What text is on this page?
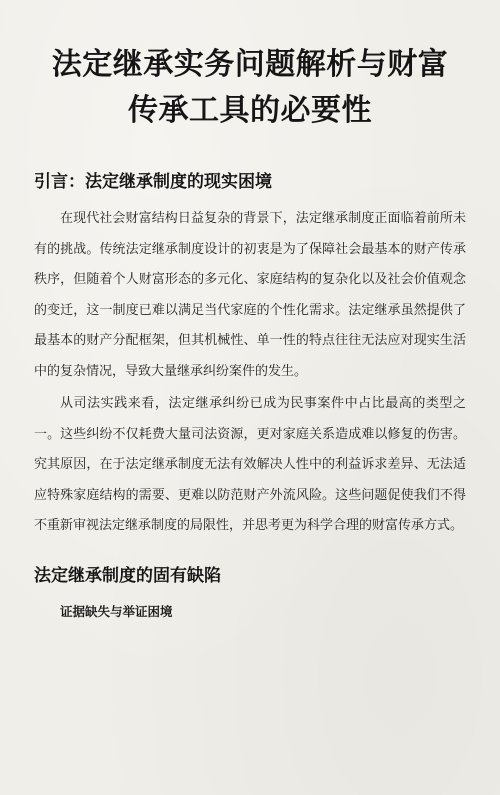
法定继承实务问题解析与财富
传承工具的必要性
引言：法定继承制度的现实困境

在现代社会财富结构日益复杂的背景下，法定继承制度正面临着前所未有的挑战。传统法定继承制度设计的初衷是为了保障社会最基本的财产传承秩序，但随着个人财富形态的多元化、家庭结构的复杂化以及社会价值观念的变迁，这一制度已难以满足当代家庭的个性化需求。法定继承虽然提供了最基本的财产分配框架，但其机械性、单一性的特点往往无法应对现实生活中的复杂情况，导致大量继承纠纷案件的发生。

从司法实践来看，法定继承纠纷已成为民事案件中占比最高的类型之一。这些纠纷不仅耗费大量司法资源，更对家庭关系造成难以修复的伤害。究其原因，在于法定继承制度无法有效解决人性中的利益诉求差异、无法适应特殊家庭结构的需要、更难以防范财产外流风险。这些问题促使我们不得不重新审视法定继承制度的局限性，并思考更为科学合理的财富传承方式。

法定继承制度的固有缺陷
证据缺失与举证困境
